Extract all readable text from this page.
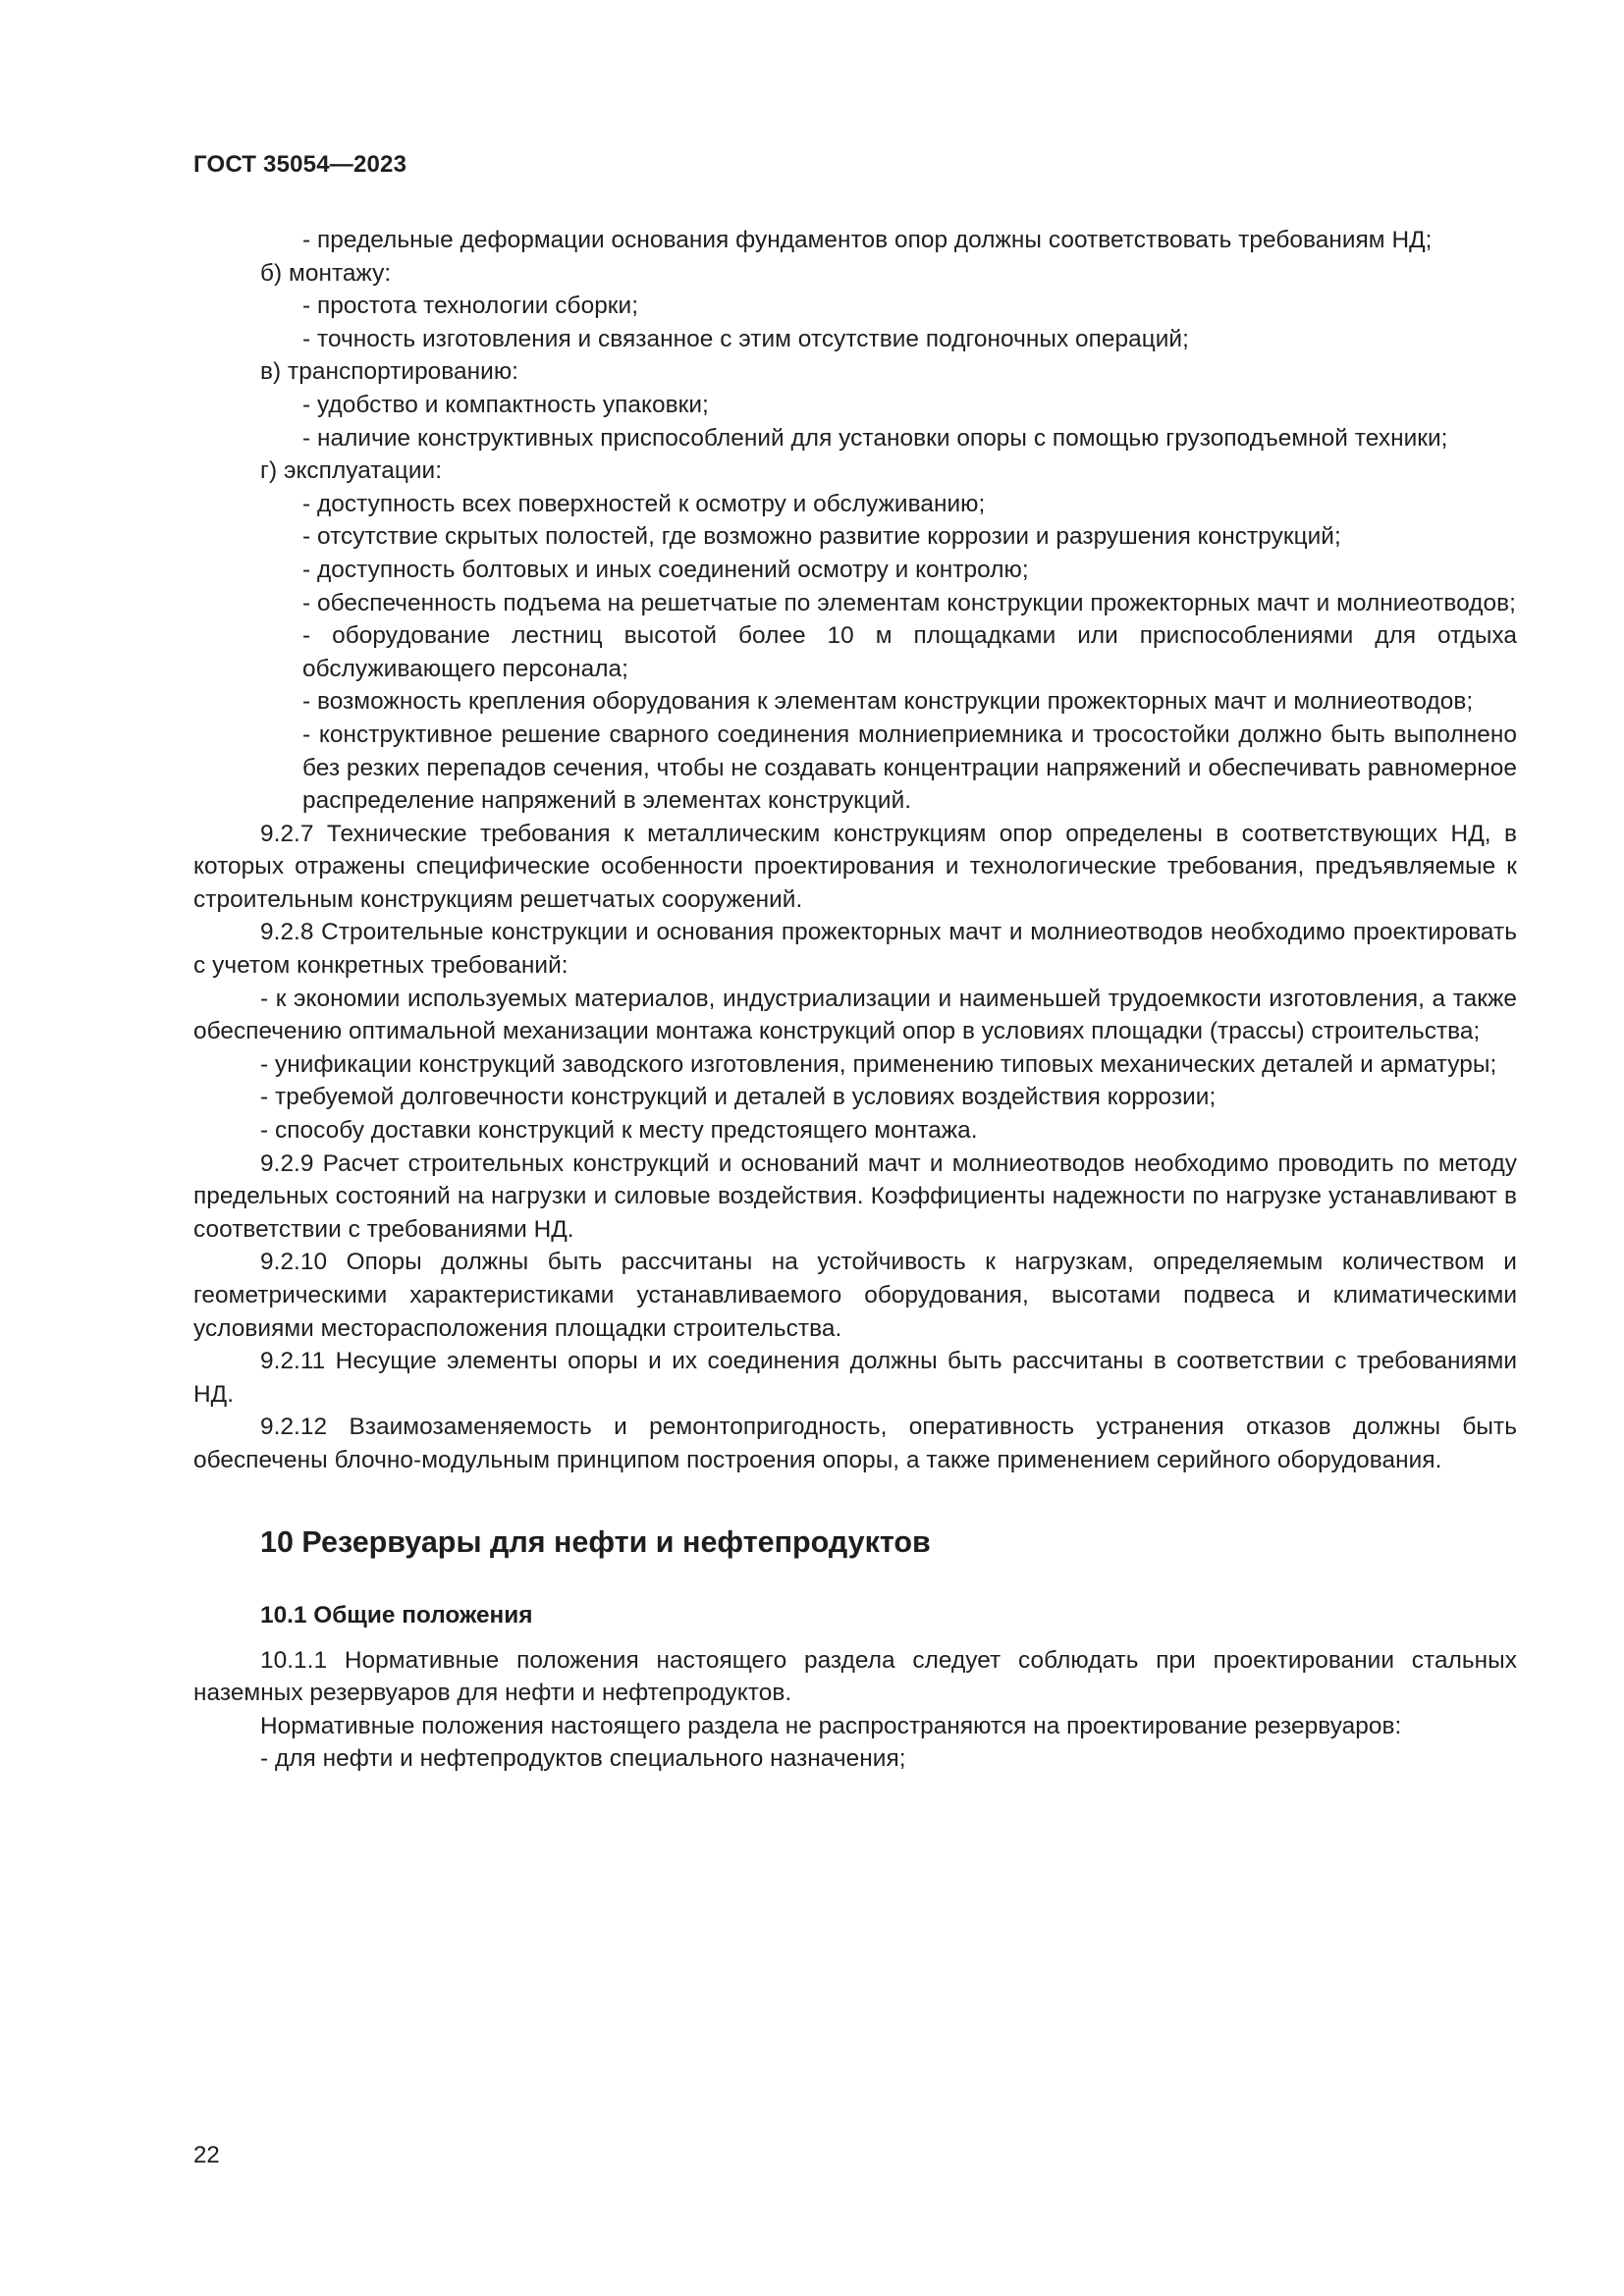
ГОСТ 35054—2023

- предельные деформации основания фундаментов опор должны соответствовать требованиям НД;

б) монтажу:

- простота технологии сборки;

- точность изготовления и связанное с этим отсутствие подгоночных операций;

в) транспортированию:

- удобство и компактность упаковки;

- наличие конструктивных приспособлений для установки опоры с помощью грузоподъемной техники;

г) эксплуатации:

- доступность всех поверхностей к осмотру и обслуживанию;

- отсутствие скрытых полостей, где возможно развитие коррозии и разрушения конструкций;

- доступность болтовых и иных соединений осмотру и контролю;

- обеспеченность подъема на решетчатые по элементам конструкции прожекторных мачт и молниеотводов;

- оборудование лестниц высотой более 10 м площадками или приспособлениями для отдыха обслуживающего персонала;

- возможность крепления оборудования к элементам конструкции прожекторных мачт и молниеотводов;

- конструктивное решение сварного соединения молниеприемника и тросостойки должно быть выполнено без резких перепадов сечения, чтобы не создавать концентрации напряжений и обеспечивать равномерное распределение напряжений в элементах конструкций.

9.2.7 Технические требования к металлическим конструкциям опор определены в соответствующих НД, в которых отражены специфические особенности проектирования и технологические требования, предъявляемые к строительным конструкциям решетчатых сооружений.

9.2.8 Строительные конструкции и основания прожекторных мачт и молниеотводов необходимо проектировать с учетом конкретных требований:

- к экономии используемых материалов, индустриализации и наименьшей трудоемкости изготовления, а также обеспечению оптимальной механизации монтажа конструкций опор в условиях площадки (трассы) строительства;

- унификации конструкций заводского изготовления, применению типовых механических деталей и арматуры;

- требуемой долговечности конструкций и деталей в условиях воздействия коррозии;

- способу доставки конструкций к месту предстоящего монтажа.

9.2.9 Расчет строительных конструкций и оснований мачт и молниеотводов необходимо проводить по методу предельных состояний на нагрузки и силовые воздействия. Коэффициенты надежности по нагрузке устанавливают в соответствии с требованиями НД.

9.2.10 Опоры должны быть рассчитаны на устойчивость к нагрузкам, определяемым количеством и геометрическими характеристиками устанавливаемого оборудования, высотами подвеса и климатическими условиями месторасположения площадки строительства.

9.2.11 Несущие элементы опоры и их соединения должны быть рассчитаны в соответствии с требованиями НД.

9.2.12 Взаимозаменяемость и ремонтопригодность, оперативность устранения отказов должны быть обеспечены блочно-модульным принципом построения опоры, а также применением серийного оборудования.

10 Резервуары для нефти и нефтепродуктов
10.1 Общие положения

10.1.1 Нормативные положения настоящего раздела следует соблюдать при проектировании стальных наземных резервуаров для нефти и нефтепродуктов.

Нормативные положения настоящего раздела не распространяются на проектирование резервуаров:

- для нефти и нефтепродуктов специального назначения;

22
